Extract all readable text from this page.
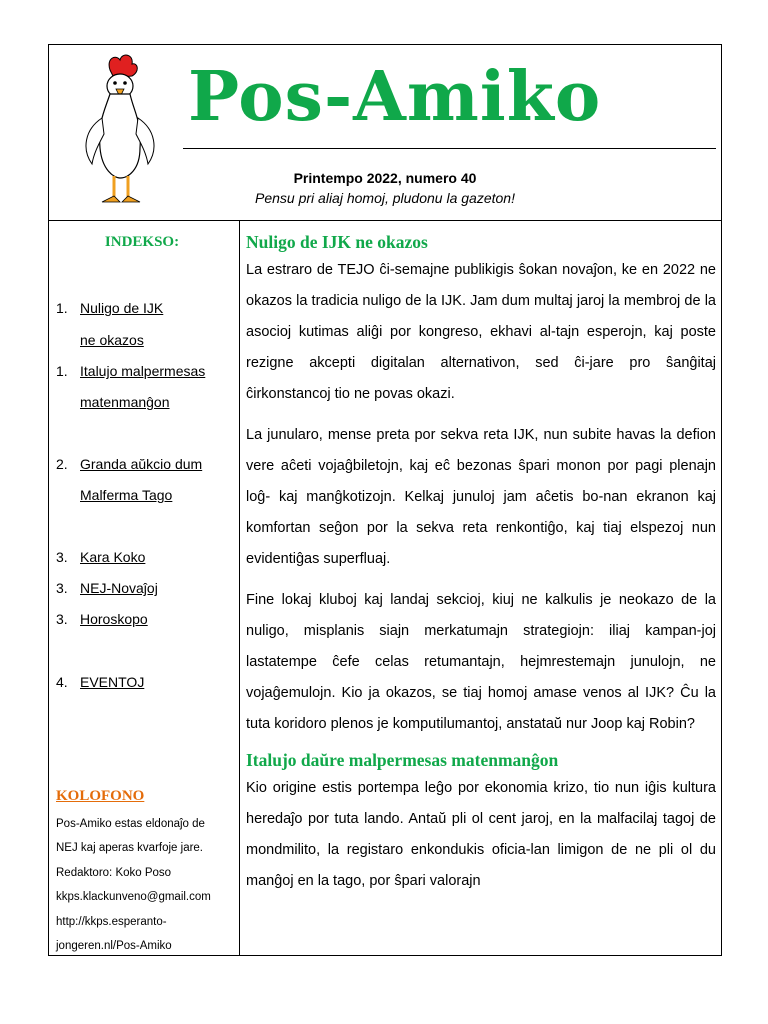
Pos-Amiko
Printempo 2022, numero 40
Pensu pri aliaj homoj, pludonu la gazeton!
INDEKSO:
1. Nuligo de IJK
ne okazos
1. Italujo malpermesas
matenmanĝon
2. Granda aŭkcio dum
Malferma Tago
3. Kara Koko
3. NEJ-Novaĵoj
3. Horoskopo
4. EVENTOJ
KOLOFONO
Pos-Amiko estas eldonaĵo de
NEJ kaj aperas kvarfoje jare.
Redaktoro: Koko Poso
kkps.klackunveno@gmail.com
http://kkps.esperanto-
jongeren.nl/Pos-Amiko
Nuligo de IJK ne okazos

La estraro de TEJO ĉi-semajne publikigis ŝokan novaĵon, ke en 2022 ne okazos la tradicia nuligo de la IJK. Jam dum multaj jaroj la membroj de la asocioj kutimas aliĝi por kongreso, ekhavi al-tajn esperojn, kaj poste rezigne akcepti digitalan alternativon, sed ĉi-jare pro ŝanĝitaj ĉirkonstancoj tio ne povas okazi.

La junularo, mense preta por sekva reta IJK, nun subite havas la defion vere aĉeti vojaĝbiletojn, kaj eĉ bezonas ŝpari monon por pagi plenajn loĝ- kaj manĝkotizojn. Kelkaj junuloj jam aĉetis bo-nan ekranon kaj komfortan seĝon por la sekva reta renkontiĝo, kaj tiaj elspezoj nun evidentiĝas superfluaj.

Fine lokaj kluboj kaj landaj sekcioj, kiuj ne kalkulis je neokazo de la nuligo, misplanis siajn merkatumajn strategiojn: iliaj kampan-joj lastatempe ĉefe celas retumantajn, hejmrestemajn junulojn, ne vojaĝemulojn. Kio ja okazos, se tiaj homoj amase venos al IJK? Ĉu la tuta koridoro plenos je komputilumantoj, anstataŭ nur Joop kaj Robin?

Italujo daŭre malpermesas matenmanĝon

Kio origine estis portempa leĝo por ekonomia krizo, tio nun iĝis kultura heredaĵo por tuta lando. Antaŭ pli ol cent jaroj, en la malfacilaj tagoj de mondmilito, la registaro enkondukis oficia-lan limigon de ne pli ol du manĝoj en la tago, por ŝpari valorajn
